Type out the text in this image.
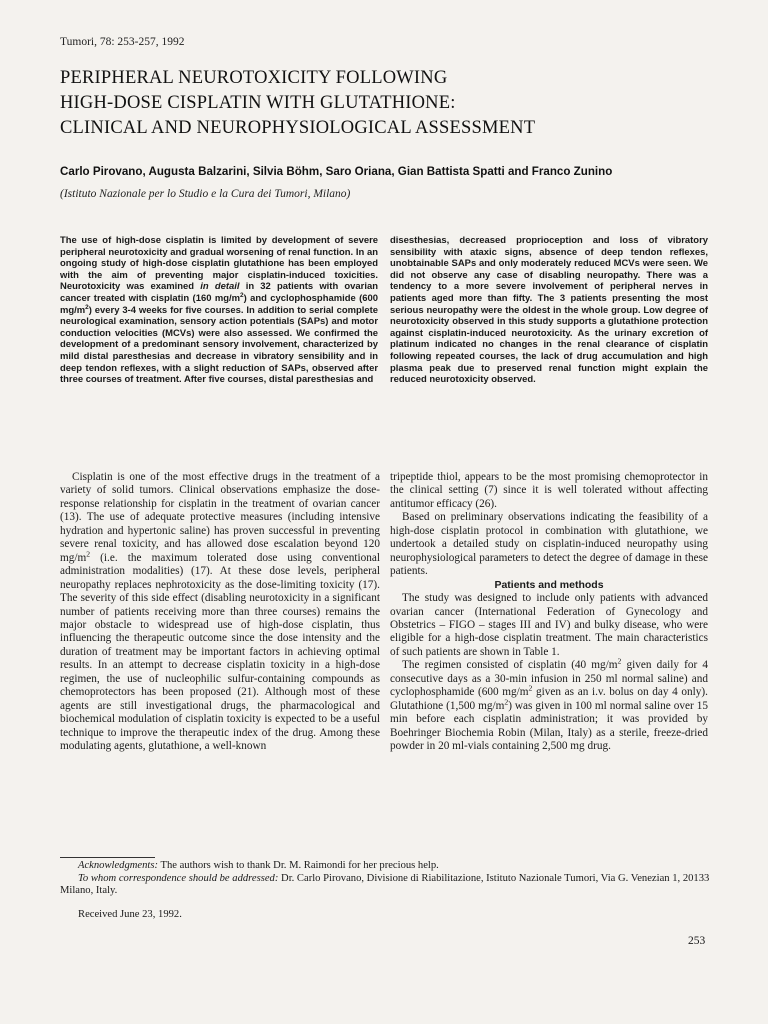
Tumori, 78: 253-257, 1992
PERIPHERAL NEUROTOXICITY FOLLOWING
HIGH-DOSE CISPLATIN WITH GLUTATHIONE:
CLINICAL AND NEUROPHYSIOLOGICAL ASSESSMENT
Carlo Pirovano, Augusta Balzarini, Silvia Böhm, Saro Oriana, Gian Battista Spatti and Franco Zunino
(Istituto Nazionale per lo Studio e la Cura dei Tumori, Milano)
The use of high-dose cisplatin is limited by development of severe peripheral neurotoxicity and gradual worsening of renal function. In an ongoing study of high-dose cisplatin glutathione has been employed with the aim of preventing major cisplatin-induced toxicities. Neurotoxicity was examined in detail in 32 patients with ovarian cancer treated with cisplatin (160 $mg/m^2$) and cyclophosphamide (600 $mg/m^2$) every 3-4 weeks for five courses. In addition to serial complete neurological examination, sensory action potentials (SAPs) and motor conduction velocities (MCVs) were also assessed. We confirmed the development of a predominant sensory involvement, characterized by mild distal paresthesias and decrease in vibratory sensibility and in deep tendon reflexes, with a slight reduction of SAPs, observed after three courses of treatment. After five courses, distal paresthesias and
disesthesias, decreased proprioception and loss of vibratory sensibility with ataxic signs, absence of deep tendon reflexes, unobtainable SAPs and only moderately reduced MCVs were seen. We did not observe any case of disabling neuropathy. There was a tendency to a more severe involvement of peripheral nerves in patients aged more than fifty. The 3 patients presenting the most serious neuropathy were the oldest in the whole group. Low degree of neurotoxicity observed in this study supports a glutathione protection against cisplatin-induced neurotoxicity. As the urinary excretion of platinum indicated no changes in the renal clearance of cisplatin following repeated courses, the lack of drug accumulation and high plasma peak due to preserved renal function might explain the reduced neurotoxicity observed.

Cisplatin is one of the most effective drugs in the treatment of a variety of solid tumors. Clinical observations emphasize the dose-response relationship for cisplatin in the treatment of ovarian cancer (13). The use of adequate protective measures (including intensive hydration and hypertonic saline) has proven successful in preventing severe renal toxicity, and has allowed dose escalation beyond 120 $mg/m^2$ (i.e. the maximum tolerated dose using conventional administration modalities) (17). At these dose levels, peripheral neuropathy replaces nephrotoxicity as the dose-limiting toxicity (17). The severity of this side effect (disabling neurotoxicity in a significant number of patients receiving more than three courses) remains the major obstacle to widespread use of high-dose cisplatin, thus influencing the therapeutic outcome since the dose intensity and the duration of treatment may be important factors in achieving optimal results. In an attempt to decrease cisplatin toxicity in a high-dose regimen, the use of nucleophilic sulfur-containing compounds as chemoprotectors has been proposed (21). Although most of these agents are still investigational drugs, the pharmacological and biochemical modulation of cisplatin toxicity is expected to be a useful technique to improve the therapeutic index of the drug. Among these modulating agents, glutathione, a well-known

tripeptide thiol, appears to be the most promising chemoprotector in the clinical setting (7) since it is well tolerated without affecting antitumor efficacy (26).

Based on preliminary observations indicating the feasibility of a high-dose cisplatin protocol in combination with glutathione, we undertook a detailed study on cisplatin-induced neuropathy using neurophysiological parameters to detect the degree of damage in these patients.

Patients and methods

The study was designed to include only patients with advanced ovarian cancer (International Federation of Gynecology and Obstetrics – FIGO – stages III and IV) and bulky disease, who were eligible for a high-dose cisplatin treatment. The main characteristics of such patients are shown in Table 1.

The regimen consisted of cisplatin (40 $mg/m^2$ given daily for 4 consecutive days as a 30-min infusion in 250 ml normal saline) and cyclophosphamide (600 $mg/m^2$ given as an i.v. bolus on day 4 only). Glutathione (1,500 $mg/m^2$) was given in 100 ml normal saline over 15 min before each cisplatin administration; it was provided by Boehringer Biochemia Robin (Milan, Italy) as a sterile, freeze-dried powder in 20 ml-vials containing 2,500 mg drug.

Acknowledgments: The authors wish to thank Dr. M. Raimondi for her precious help.

To whom correspondence should be addressed: Dr. Carlo Pirovano, Divisione di Riabilitazione, Istituto Nazionale Tumori, Via G. Venezian 1, 20133 Milano, Italy.

Received June 23, 1992.
253
